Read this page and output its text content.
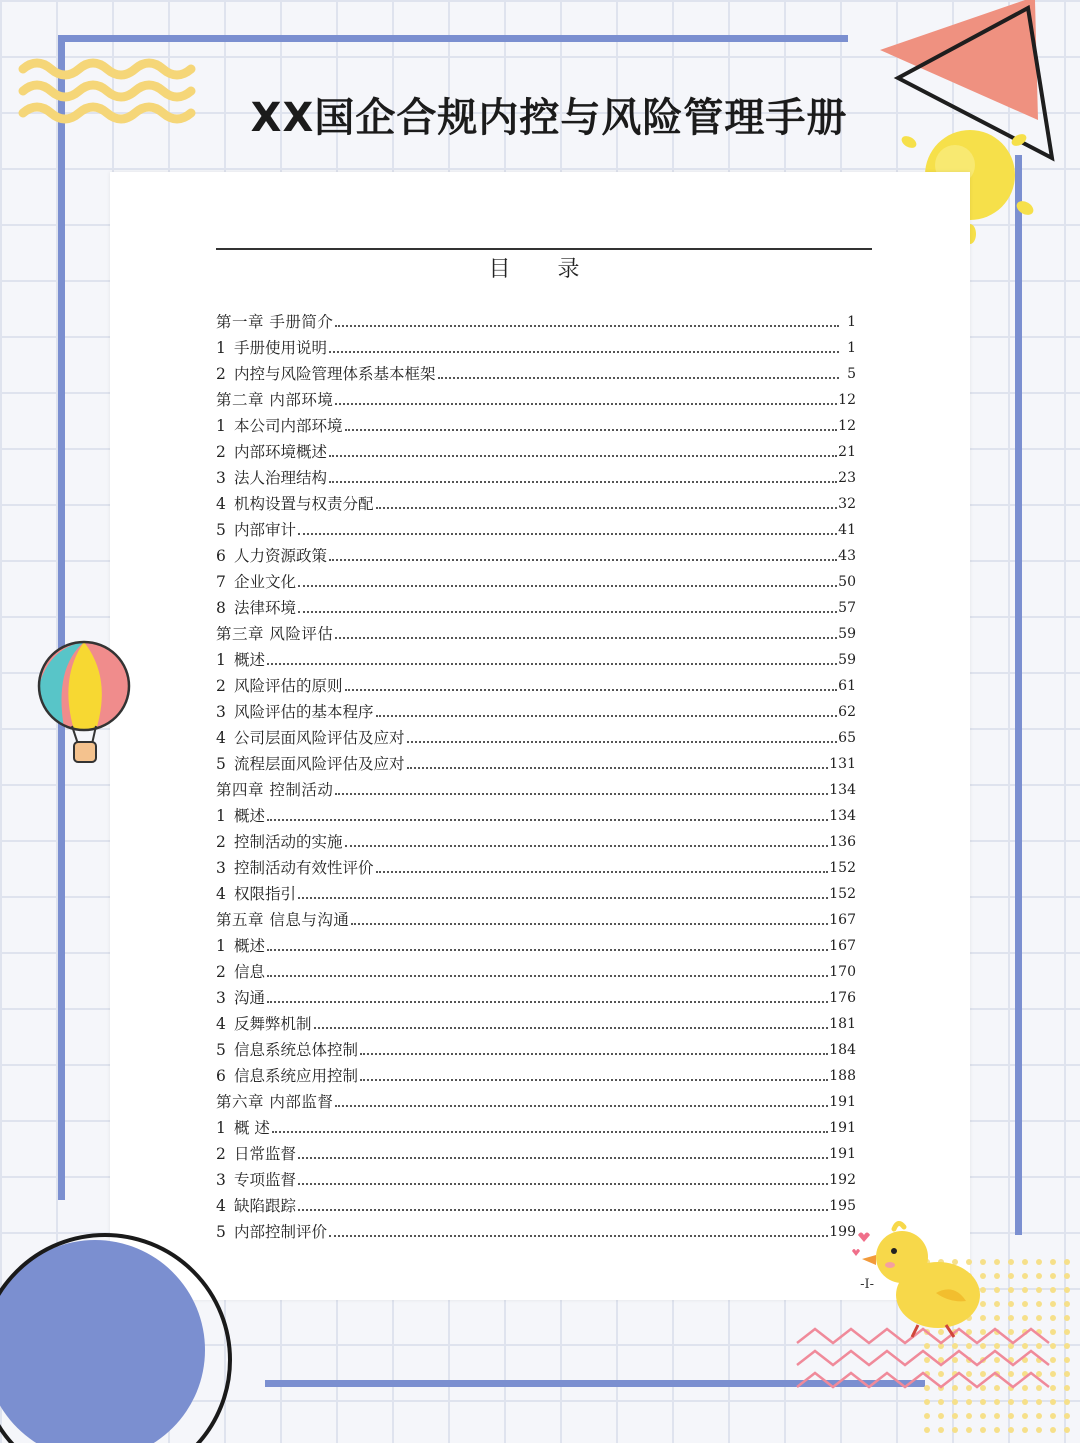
XX国企合规内控与风险管理手册
目 录
第一章 手册简介	1
1 手册使用说明	1
2 内控与风险管理体系基本框架	5
第二章 内部环境	12
1 本公司内部环境	12
2 内部环境概述	21
3 法人治理结构	23
4 机构设置与权责分配	32
5 内部审计	41
6 人力资源政策	43
7 企业文化	50
8 法律环境	57
第三章 风险评估	59
1 概述	59
2 风险评估的原则	61
3 风险评估的基本程序	62
4 公司层面风险评估及应对	65
5 流程层面风险评估及应对	131
第四章 控制活动	134
1 概述	134
2 控制活动的实施	136
3 控制活动有效性评价	152
4 权限指引	152
第五章 信息与沟通	167
1 概述	167
2 信息	170
3 沟通	176
4 反舞弊机制	181
5 信息系统总体控制	184
6 信息系统应用控制	188
第六章 内部监督	191
1 概 述	191
2 日常监督	191
3 专项监督	192
4 缺陷跟踪	195
5 内部控制评价	199
-I-
